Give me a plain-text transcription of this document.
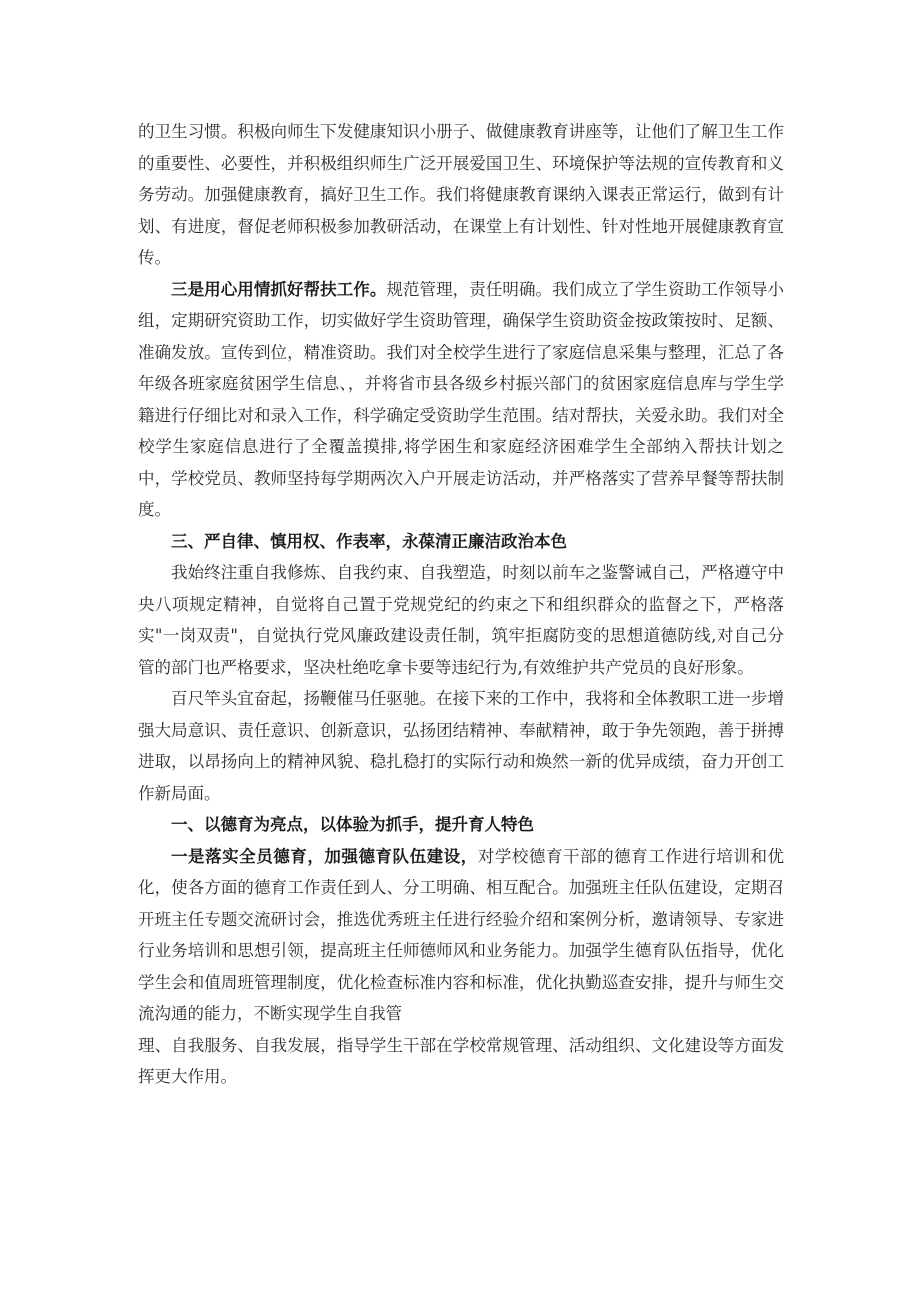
的卫生习惯。积极向师生下发健康知识小册子、做健康教育讲座等，让他们了解卫生工作的重要性、必要性，并积极组织师生广泛开展爱国卫生、环境保护等法规的宣传教育和义务劳动。加强健康教育，搞好卫生工作。我们将健康教育课纳入课表正常运行，做到有计划、有进度，督促老师积极参加教研活动，在课堂上有计划性、针对性地开展健康教育宣传。

三是用心用情抓好帮扶工作。规范管理，责任明确。我们成立了学生资助工作领导小组，定期研究资助工作，切实做好学生资助管理，确保学生资助资金按政策按时、足额、准确发放。宣传到位，精准资助。我们对全校学生进行了家庭信息采集与整理，汇总了各年级各班家庭贫困学生信息、，并将省市县各级乡村振兴部门的贫困家庭信息库与学生学籍进行仔细比对和录入工作，科学确定受资助学生范围。结对帮扶，关爱永助。我们对全校学生家庭信息进行了全覆盖摸排,将学困生和家庭经济困难学生全部纳入帮扶计划之中，学校党员、教师坚持每学期两次入户开展走访活动，并严格落实了营养早餐等帮扶制度。

三、严自律、慎用权、作表率，永葆清正廉洁政治本色

我始终注重自我修炼、自我约束、自我塑造，时刻以前车之鉴警诫自己，严格遵守中央八项规定精神，自觉将自己置于党规党纪的约束之下和组织群众的监督之下，严格落实"一岗双责"，自觉执行党风廉政建设责任制，筑牢拒腐防变的思想道德防线,对自己分管的部门也严格要求，坚决杜绝吃拿卡要等违纪行为,有效维护共产党员的良好形象。

百尺竿头宜奋起，扬鞭催马任驱驰。在接下来的工作中，我将和全体教职工进一步增强大局意识、责任意识、创新意识，弘扬团结精神、奉献精神，敢于争先领跑，善于拼搏进取，以昂扬向上的精神风貌、稳扎稳打的实际行动和焕然一新的优异成绩，奋力开创工作新局面。

一、以德育为亮点，以体验为抓手，提升育人特色

一是落实全员德育，加强德育队伍建设，对学校德育干部的德育工作进行培训和优化，使各方面的德育工作责任到人、分工明确、相互配合。加强班主任队伍建设，定期召开班主任专题交流研讨会，推选优秀班主任进行经验介绍和案例分析，邀请领导、专家进行业务培训和思想引领，提高班主任师德师风和业务能力。加强学生德育队伍指导，优化学生会和值周班管理制度，优化检查标准内容和标准，优化执勤巡查安排，提升与师生交流沟通的能力，不断实现学生自我管

理、自我服务、自我发展，指导学生干部在学校常规管理、活动组织、文化建设等方面发挥更大作用。
